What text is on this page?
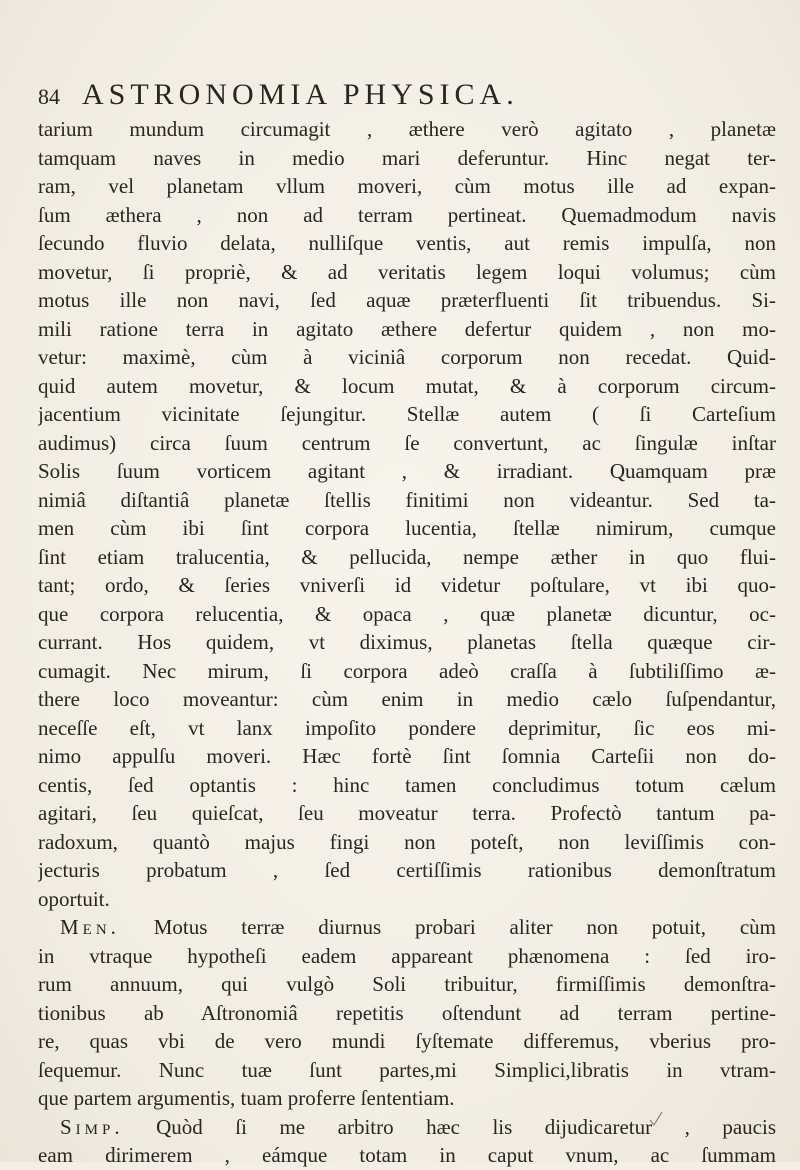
84 ASTRONOMIA PHYSICA.
tarium mundum circumagit , æthere verò agitato , planetæ
tamquam naves in medio mari deferuntur. Hinc negat ter-
ram, vel planetam vllum moveri, cùm motus ille ad expan-
ſum æthera , non ad terram pertineat. Quemadmodum navis
ſecundo fluvio delata, nulliſque ventis, aut remis impulſa, non
movetur, ſi propriè, & ad veritatis legem loqui volumus; cùm
motus ille non navi, ſed aquæ præterfluenti ſit tribuendus. Si-
mili ratione terra in agitato æthere defertur quidem , non mo-
vetur: maximè, cùm à viciniâ corporum non recedat. Quid-
quid autem movetur, & locum mutat, & à corporum circum-
jacentium vicinitate ſejungitur. Stellæ autem ( ſi Carteſium
audimus) circa ſuum centrum ſe convertunt, ac ſingulæ inſtar
Solis ſuum vorticem agitant , & irradiant. Quamquam præ
nimiâ diſtantiâ planetæ ſtellis finitimi non videantur. Sed ta-
men cùm ibi ſint corpora lucentia, ſtellæ nimirum, cumque
ſint etiam tralucentia, & pellucida, nempe æther in quo flui-
tant; ordo, & ſeries vniverſi id videtur poſtulare, vt ibi quo-
que corpora relucentia, & opaca , quæ planetæ dicuntur, oc-
currant. Hos quidem, vt diximus, planetas ſtella quæque cir-
cumagit. Nec mirum, ſi corpora adeò craſſa à ſubtiliſſimo æ-
there loco moveantur: cùm enim in medio cælo ſuſpendantur,
neceſſe eſt, vt lanx impoſito pondere deprimitur, ſic eos mi-
nimo appulſu moveri. Hæc fortè ſint ſomnia Carteſii non do-
centis, ſed optantis : hinc tamen concludimus totum cælum
agitari, ſeu quieſcat, ſeu moveatur terra. Profectò tantum pa-
radoxum, quantò majus fingi non poteſt, non leviſſimis con-
jecturis probatum , ſed certiſſimis rationibus demonſtratum
oportuit.
Men. Motus terræ diurnus probari aliter non potuit, cùm
in vtraque hypotheſi eadem appareant phænomena : ſed iro-
rum annuum, qui vulgò Soli tribuitur, firmiſſimis demonſtra-
tionibus ab Aſtronomiâ repetitis oſtendunt ad terram pertine-
re, quas vbi de vero mundi ſyſtemate differemus, vberius pro-
ſequemur. Nunc tuæ ſunt partes,mi Simplici,libratis in vtram-
que partem argumentis, tuam proferre ſententiam.
Simp. Quòd ſi me arbitro hæc lis dijudicaretur , paucis
eam dirimerem , eámque totam in caput vnum, ac ſummam
